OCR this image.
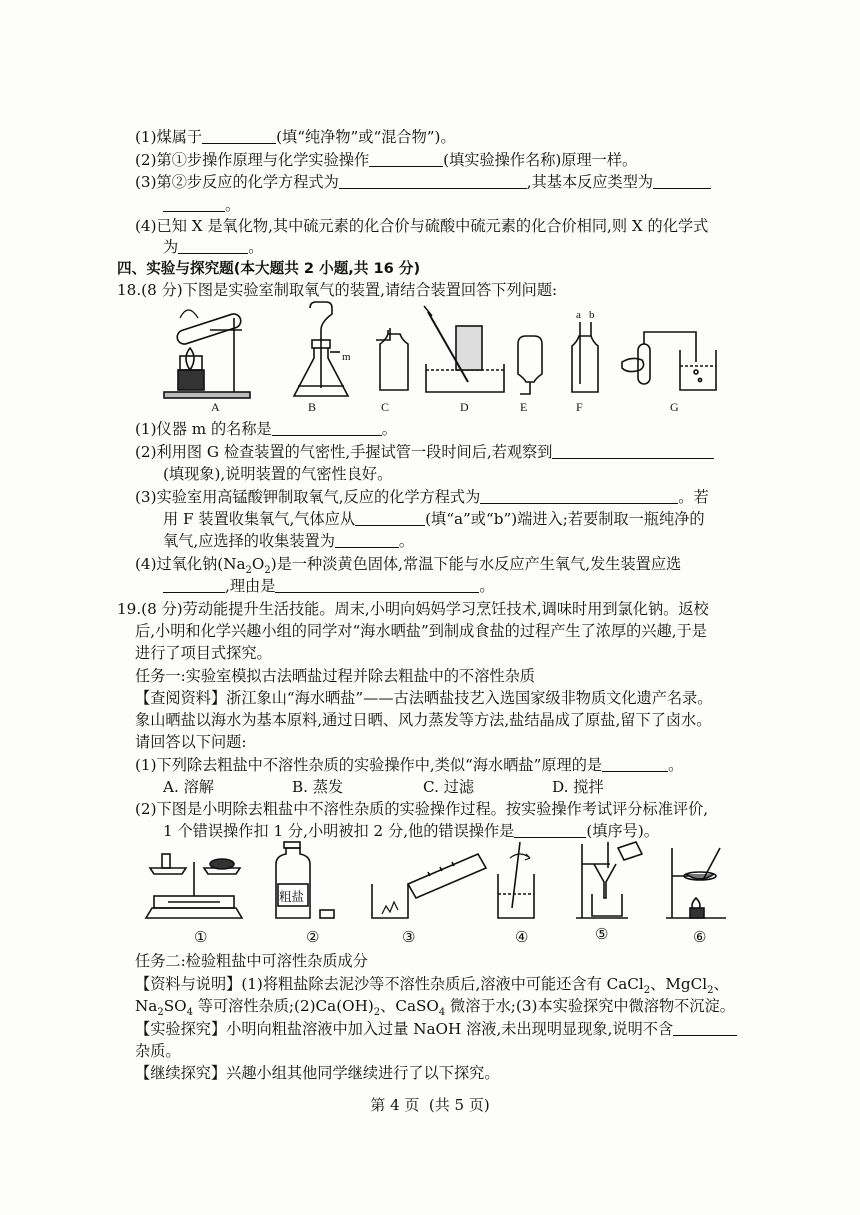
(1)煤属于	(填“纯净物”或“混合物”)。
(2)第①步操作原理与化学实验操作	(填实验操作名称)原理一样。
(3)第②步反应的化学方程式为	,其基本反应类型为
。
(4)已知 X 是氧化物,其中硫元素的化合价与硫酸中硫元素的化合价相同,则 X 的化学式
为	。
四、实验与探究题(本大题共 2 小题,共 16 分)
18.(8 分)下图是实验室制取氧气的装置,请结合装置回答下列问题:
m
a b
A	B	C	D	E	F	G
(1)仪器 m 的名称是	。
(2)利用图 G 检查装置的气密性,手握试管一段时间后,若观察到
(填现象),说明装置的气密性良好。
(3)实验室用高锰酸钾制取氧气,反应的化学方程式为	。若
用 F 装置收集氧气,气体应从	(填“a”或“b”)端进入;若要制取一瓶纯净的
氧气,应选择的收集装置为	。
(4)过氧化钠$(Na_2O_2)$是一种淡黄色固体,常温下能与水反应产生氧气,发生装置应选
,理由是	。
19.(8 分)劳动能提升生活技能。周末,小明向妈妈学习烹饪技术,调味时用到氯化钠。返校
后,小明和化学兴趣小组的同学对“海水晒盐”到制成食盐的过程产生了浓厚的兴趣,于是
进行了项目式探究。
任务一:实验室模拟古法晒盐过程并除去粗盐中的不溶性杂质
【查阅资料】浙江象山“海水晒盐”——古法晒盐技艺入选国家级非物质文化遗产名录。
象山晒盐以海水为基本原料,通过日晒、风力蒸发等方法,盐结晶成了原盐,留下了卤水。
请回答以下问题:
(1)下列除去粗盐中不溶性杂质的实验操作中,类似“海水晒盐”原理的是	。
A. 溶解	B. 蒸发	C. 过滤	D. 搅拌
(2)下图是小明除去粗盐中不溶性杂质的实验操作过程。按实验操作考试评分标准评价,
1 个错误操作扣 1 分,小明被扣 2 分,他的错误操作是	(填序号)。
粗盐
①	②	③	④	⑤	⑥
任务二:检验粗盐中可溶性杂质成分
【资料与说明】(1)将粗盐除去泥沙等不溶性杂质后,溶液中可能还含有 CaCl$_2$、MgCl$_2$、
$Na_2SO_4$ 等可溶性杂质$;(2)Ca(OH)_2$、CaSO$_4$ 微溶于水;(3)本实验探究中微溶物不沉淀。
【实验探究】小明向粗盐溶液中加入过量 NaOH 溶液,未出现明显现象,说明不含
杂质。
【继续探究】兴趣小组其他同学继续进行了以下探究。
第 4 页  (共 5 页)
